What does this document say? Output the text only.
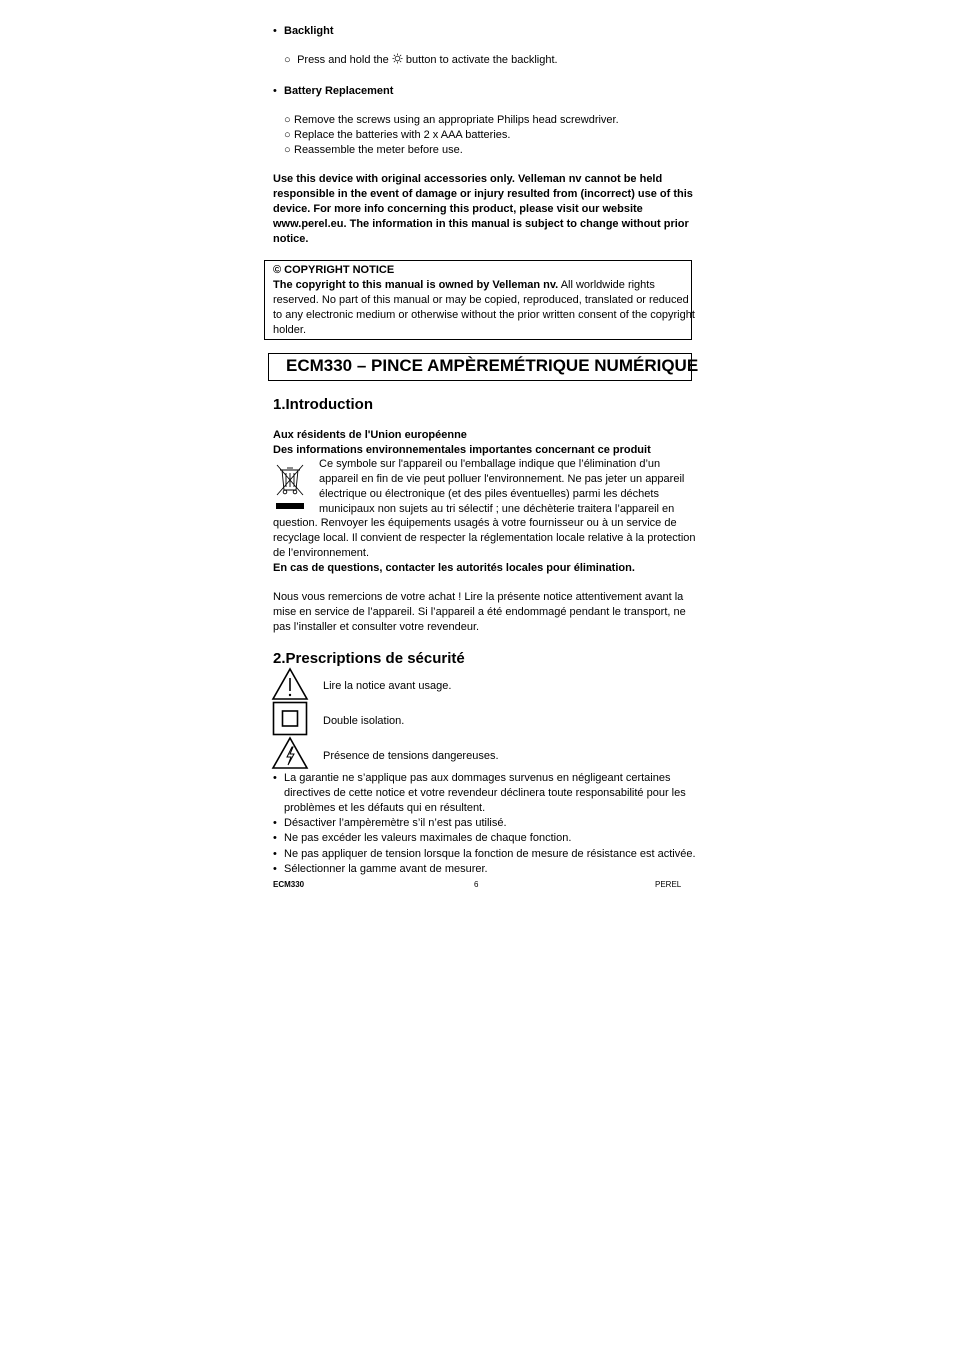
• Backlight
○ Press and hold the button to activate the backlight.
• Battery Replacement
○ Remove the screws using an appropriate Philips head screwdriver.
○ Replace the batteries with 2 x AAA batteries.
○ Reassemble the meter before use.
Use this device with original accessories only. Velleman nv cannot be held
responsible in the event of damage or injury resulted from (incorrect) use of this
device. For more info concerning this product, please visit our website
www.perel.eu. The information in this manual is subject to change without prior
notice.
© COPYRIGHT NOTICE
The copyright to this manual is owned by Velleman nv. All worldwide rights
reserved. No part of this manual or may be copied, reproduced, translated or reduced
to any electronic medium or otherwise without the prior written consent of the copyright
holder.
ECM330 – PINCE AMPÈREMÉTRIQUE NUMÉRIQUE
1.Introduction
Aux résidents de l'Union européenne
Des informations environnementales importantes concernant ce produit
Ce symbole sur l'appareil ou l'emballage indique que l’élimination d’un
appareil en fin de vie peut polluer l'environnement. Ne pas jeter un appareil
électrique ou électronique (et des piles éventuelles) parmi les déchets
municipaux non sujets au tri sélectif ; une déchèterie traitera l’appareil en
question. Renvoyer les équipements usagés à votre fournisseur ou à un service de
recyclage local. Il convient de respecter la réglementation locale relative à la protection
de l’environnement.
En cas de questions, contacter les autorités locales pour élimination.
Nous vous remercions de votre achat ! Lire la présente notice attentivement avant la
mise en service de l’appareil. Si l’appareil a été endommagé pendant le transport, ne
pas l’installer et consulter votre revendeur.
2.Prescriptions de sécurité
Lire la notice avant usage.
Double isolation.
Présence de tensions dangereuses.
• La garantie ne s’applique pas aux dommages survenus en négligeant certaines
directives de cette notice et votre revendeur déclinera toute responsabilité pour les
problèmes et les défauts qui en résultent.
• Désactiver l’ampèremètre s’il n’est pas utilisé.
• Ne pas excéder les valeurs maximales de chaque fonction.
• Ne pas appliquer de tension lorsque la fonction de mesure de résistance est activée.
• Sélectionner la gamme avant de mesurer.
ECM330	6	PEREL
